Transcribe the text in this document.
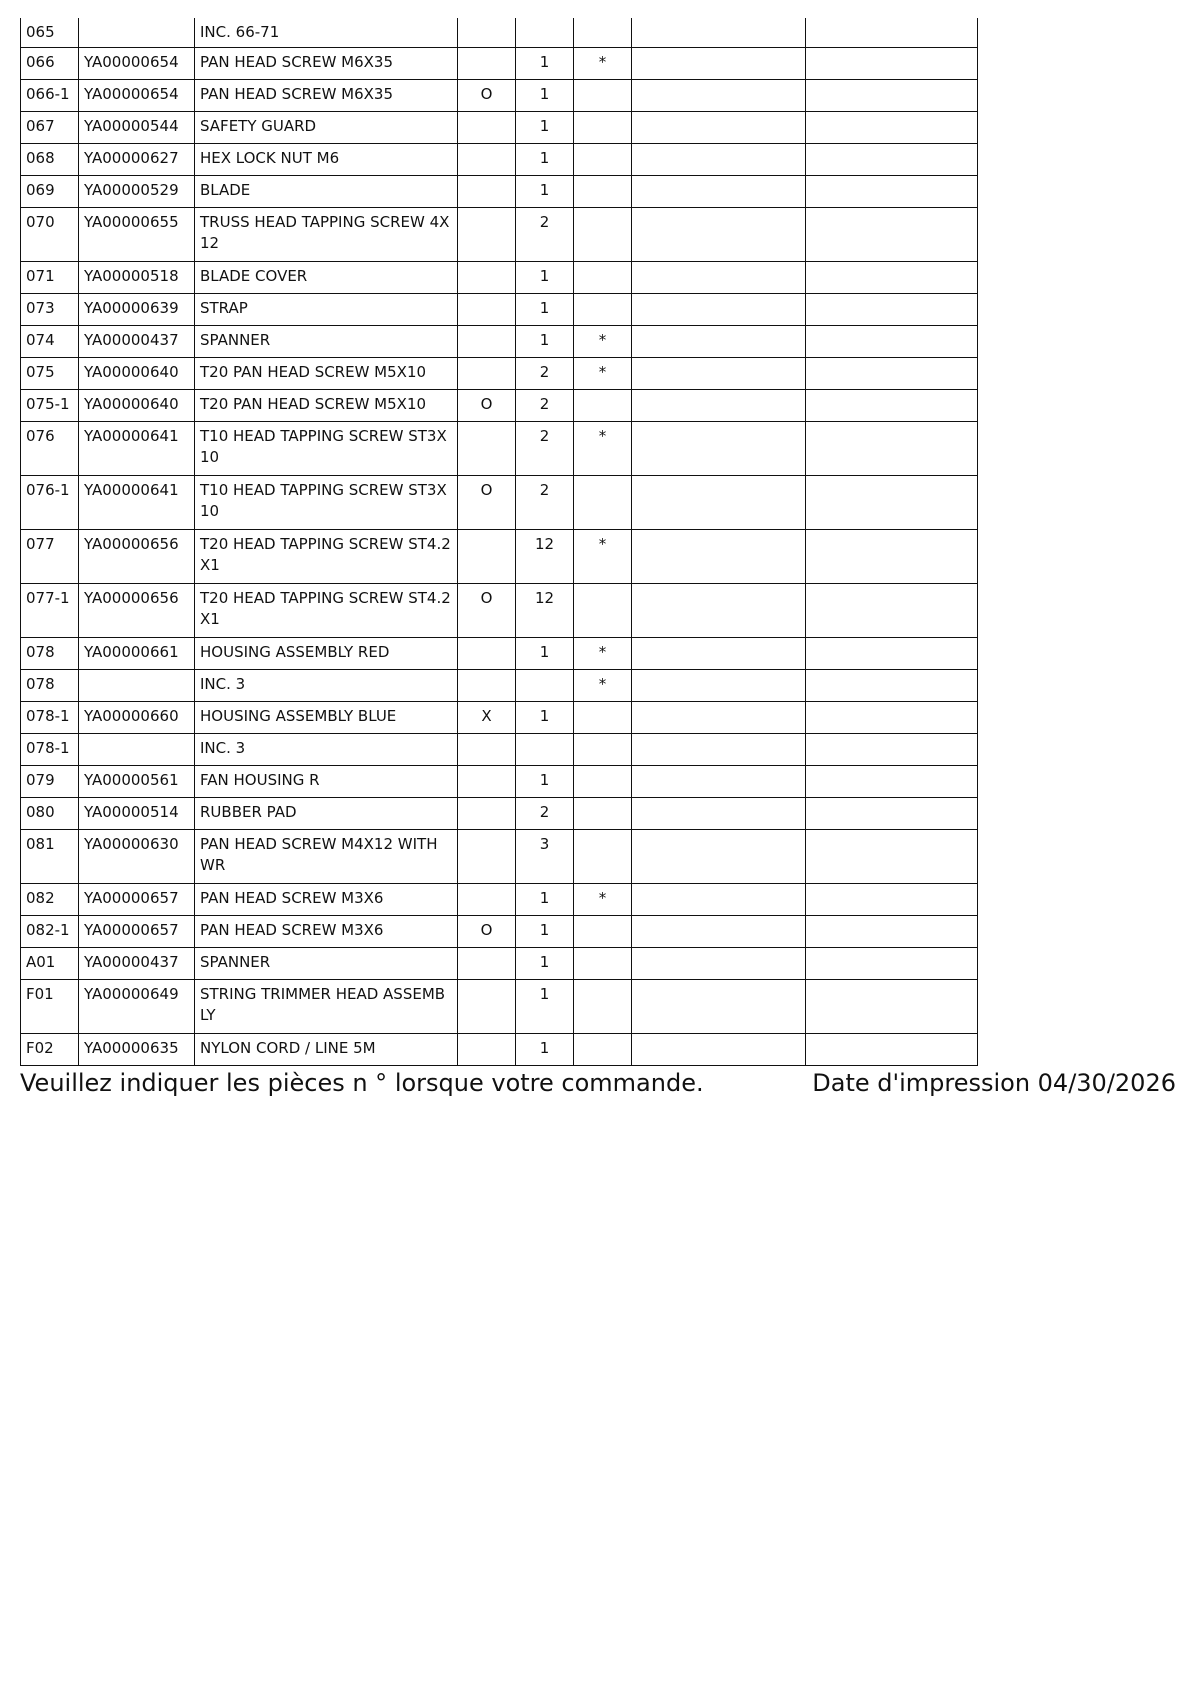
065		INC. 66-71					
066	YA00000654	PAN HEAD SCREW M6X35		1	*		
066-1	YA00000654	PAN HEAD SCREW M6X35	O	1			
067	YA00000544	SAFETY GUARD		1			
068	YA00000627	HEX LOCK NUT M6		1			
069	YA00000529	BLADE		1			
070	YA00000655	TRUSS HEAD TAPPING SCREW 4X12		2			
071	YA00000518	BLADE COVER		1			
073	YA00000639	STRAP		1			
074	YA00000437	SPANNER		1	*		
075	YA00000640	T20 PAN HEAD SCREW M5X10		2	*		
075-1	YA00000640	T20 PAN HEAD SCREW M5X10	O	2			
076	YA00000641	T10 HEAD TAPPING SCREW ST3X10		2	*		
076-1	YA00000641	T10 HEAD TAPPING SCREW ST3X10	O	2			
077	YA00000656	T20 HEAD TAPPING SCREW ST4.2X1		12	*		
077-1	YA00000656	T20 HEAD TAPPING SCREW ST4.2X1	O	12			
078	YA00000661	HOUSING ASSEMBLY RED		1	*		
078		INC. 3			*		
078-1	YA00000660	HOUSING ASSEMBLY BLUE	X	1			
078-1		INC. 3					
079	YA00000561	FAN HOUSING R		1			
080	YA00000514	RUBBER PAD		2			
081	YA00000630	PAN HEAD SCREW M4X12 WITH WR		3			
082	YA00000657	PAN HEAD SCREW M3X6		1	*		
082-1	YA00000657	PAN HEAD SCREW M3X6	O	1			
A01	YA00000437	SPANNER		1			
F01	YA00000649	STRING TRIMMER HEAD ASSEMBLY		1			
F02	YA00000635	NYLON CORD / LINE 5M		1			
Veuillez indiquer les pièces n ° lorsque votre commande.	Date d'impression 04/30/2026
